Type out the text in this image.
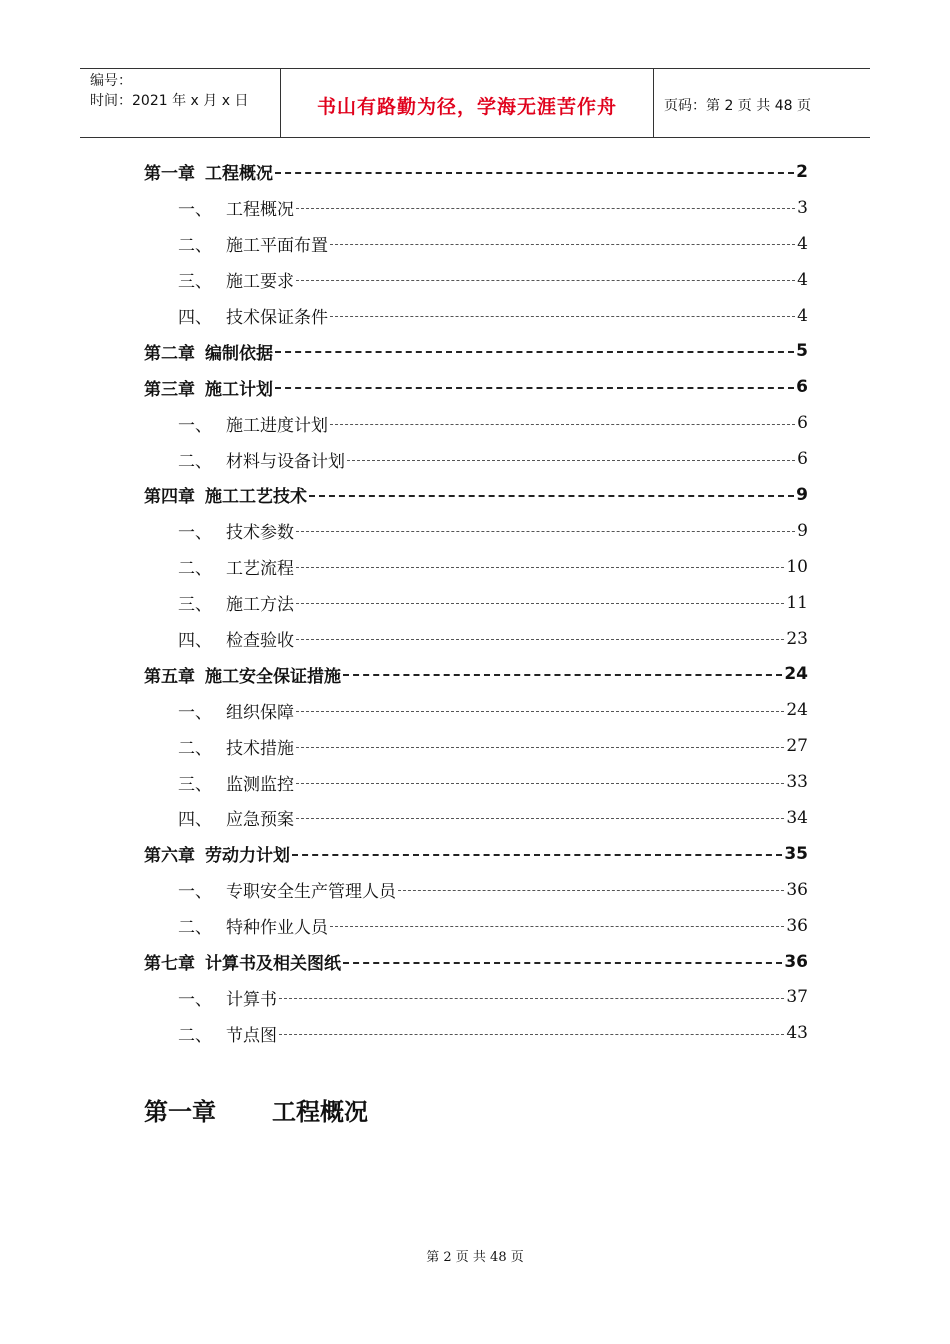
编号：
时间：2021 年 x 月 x 日	书山有路勤为径，学海无涯苦作舟	页码：第 2 页 共 48 页
第一章 工程概况	2
一、 工程概况	3
二、 施工平面布置	4
三、 施工要求	4
四、 技术保证条件	4
第二章 编制依据	5
第三章 施工计划	6
一、 施工进度计划	6
二、 材料与设备计划	6
第四章 施工工艺技术	9
一、 技术参数	9
二、 工艺流程	10
三、 施工方法	11
四、 检查验收	23
第五章 施工安全保证措施	24
一、 组织保障	24
二、 技术措施	27
三、 监测监控	33
四、 应急预案	34
第六章 劳动力计划	35
一、 专职安全生产管理人员	36
二、 特种作业人员	36
第七章 计算书及相关图纸	36
一、 计算书	37
二、 节点图	43
第一章 工程概况
第 2 页 共 48 页
